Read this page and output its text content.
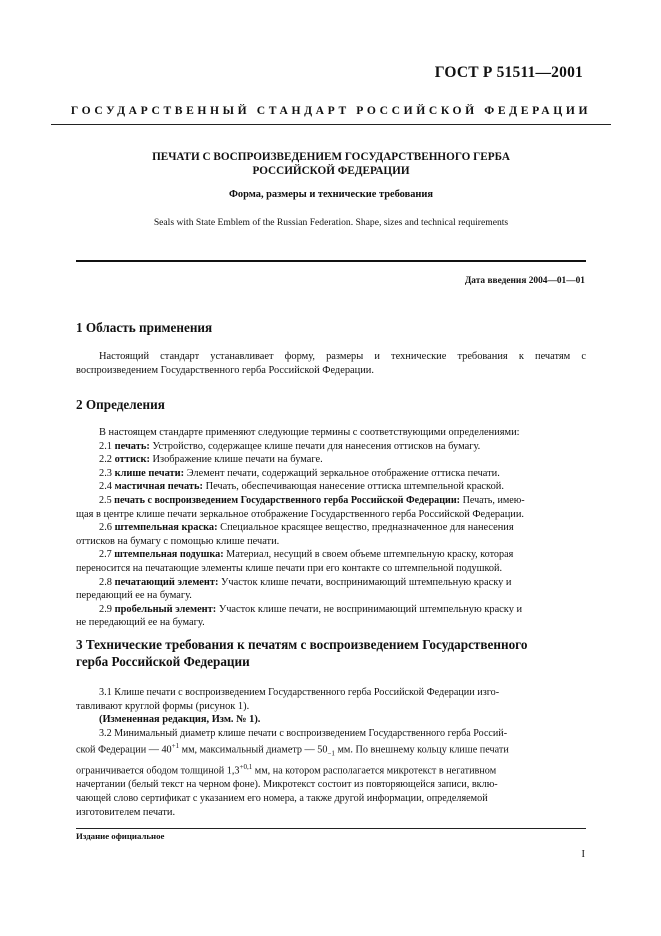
ГОСТ Р 51511—2001
ГОСУДАРСТВЕННЫЙ СТАНДАРТ РОССИЙСКОЙ ФЕДЕРАЦИИ
ПЕЧАТИ С ВОСПРОИЗВЕДЕНИЕМ ГОСУДАРСТВЕННОГО ГЕРБА
РОССИЙСКОЙ ФЕДЕРАЦИИ
Форма, размеры и технические требования
Seals with State Emblem of the Russian Federation. Shape, sizes and technical requirements
Дата введения 2004—01—01
1 Область применения
Настоящий стандарт устанавливает форму, размеры и технические требования к печатям с
воспроизведением Государственного герба Российской Федерации.
2 Определения
В настоящем стандарте применяют следующие термины с соответствующими определениями:
2.1 печать: Устройство, содержащее клише печати для нанесения оттисков на бумагу.
2.2 оттиск: Изображение клише печати на бумаге.
2.3 клише печати: Элемент печати, содержащий зеркальное отображение оттиска печати.
2.4 мастичная печать: Печать, обеспечивающая нанесение оттиска штемпельной краской.
2.5 печать с воспроизведением Государственного герба Российской Федерации: Печать, имею-
щая в центре клише печати зеркальное отображение Государственного герба Российской Федерации.
2.6 штемпельная краска: Специальное красящее вещество, предназначенное для нанесения
оттисков на бумагу с помощью клише печати.
2.7 штемпельная подушка: Материал, несущий в своем объеме штемпельную краску, которая
переносится на печатающие элементы клише печати при его контакте со штемпельной подушкой.
2.8 печатающий элемент: Участок клише печати, воспринимающий штемпельную краску и
передающий ее на бумагу.
2.9 пробельный элемент: Участок клише печати, не воспринимающий штемпельную краску и
не передающий ее на бумагу.
3 Технические требования к печатям с воспроизведением Государственного
герба Российской Федерации
3.1 Клише печати с воспроизведением Государственного герба Российской Федерации изго-
тавливают круглой формы (рисунок 1).
(Измененная редакция, Изм. № 1).
3.2 Минимальный диаметр клише печати с воспроизведением Государственного герба Россий-
ской Федерации — $40^{+1}$ мм, максимальный диаметр — $50_{-1}$ мм. По внешнему кольцу клише печати
ограничивается ободом толщиной $1,3^{+0,1}$ мм, на котором располагается микротекст в негативном
начертании (белый текст на черном фоне). Микротекст состоит из повторяющейся записи, вклю-
чающей слово сертификат с указанием его номера, а также другой информации, определяемой
изготовителем печати.
Издание официальное
I
